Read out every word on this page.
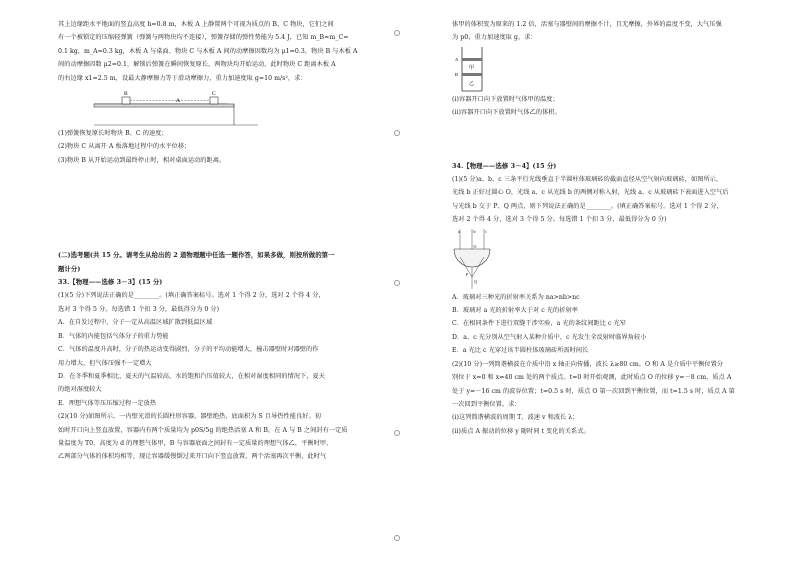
其上边缘距水平地面的竖直高度 h=0.8 m，木板 A 上静置两个可视为质点的 B、C 物块，它们之间

有一个被锁定的压缩轻弹簧（弹簧与两物块均不连接），弹簧存储的弹性势能为 5.4 J，已知 m_B=m_C=

0.1 kg，m_A=0.3 kg，木板 A 与桌面、物块 C 与木板 A 间的动摩擦因数均为 μ1=0.3，物块 B 与木板 A

间的动摩擦因数 μ2=0.1，解锁后弹簧在瞬间恢复原长，两物块均开始运动，此时物块 C 距离木板 A

的右边缘 x1=2.5 m，设最大静摩擦力等于滑动摩擦力，重力加速度取 g=10 m/s²，求：

B
A
C

(1)弹簧恢复原长时物块 B、C 的速度；

(2)物块 C 从离开 A 板落地过程中的水平位移；

(3)物块 B 从开始运动到最终停止时，相对桌面运动的距离。

(二)选考题(共 15 分。请考生从给出的 2 道物理题中任选一题作答，如果多做，则按所做的第一

题计分)

33.【物理——选修 3－3】(15 分)

(1)(5 分)下列说法正确的是________。(填正确答案标号。选对 1 个得 2 分，选对 2 个得 4 分，

选对 3 个得 5 分。每选错 1 个扣 3 分，最低得分为 0 分)

A．在自发过程中，分子一定从高温区域扩散到低温区域

B．气体的内能包括气体分子的重力势能

C．气体的温度升高时，分子的热运动变得剧烈，分子的平均动能增大，撞击器壁时对器壁的作

用力增大，但气体压强不一定增大

D．在冬季和夏季相比，夏天的气温较高，水的饱和汽压值较大，在相对湿度相同的情况下，夏天

的绝对湿度较大

E．理想气体等压压缩过程一定放热

(2)(10 分)如图所示，一内壁光滑的长圆柱形容器，器壁绝热、底面积为 S 且导热性能良好。初

始时开口向上竖直放置，容器内有两个质量均为 p0S/5g 的绝热活塞 A 和 B，在 A 与 B 之间封有一定质

量温度为 T0、高度为 d 的理想气体甲，B 与容器底面之间封有一定质量的理想气体乙，平衡时甲、

乙两部分气体的体积均相等，现让容器缓慢倒过来开口向下竖直放置，两个活塞再次平衡，此时气

体甲的体积变为原来的 1.2 倍，活塞与器壁间的摩擦不计，且无摩擦，外界的温度不变，大气压强

为 p0，重力加速度取 g，求：

A
甲
B
乙

(i)容器开口向下放置时气体甲的温度；

(ii)容器开口向下放置时气体乙的体积。

34.【物理——选修 3－4】(15 分)

(1)(5 分)a、b、c 三条平行光线垂直于半圆柱体玻璃砖的截面直径从空气射向玻璃砖，如图所示，

光线 b 正好过圆心 O，光线 a、c 从光线 b 的两侧对称入射，光线 a、c 从玻璃砖下表面进入空气后

与光线 b 交于 P、Q 两点，则下列说法正确的是________。(填正确答案标号。选对 1 个得 2 分，

选对 2 个得 4 分，选对 3 个得 5 分。每选错 1 个扣 3 分，最低得分为 0 分)

a	b c
O
P
Q

A．玻璃对三种光的折射率关系为 na>nb>nc

B．玻璃对 a 光的折射率大于对 c 光的折射率

C．在相同条件下进行双缝干涉实验，a 光的条纹间距比 c 光窄

D．a、c 光分别从空气射入某种介质中，c 光发生全反射时临界角较小

E．a 光比 c 光穿过该半圆柱体玻璃砖所需时间长

(2)(10 分)一列简谐横波在介质中沿 x 轴正向传播，波长 λ≥80 cm。O 和 A 是介质中平衡位置分

别位于 x=0 和 x=40 cm 处的两个质点。t=0 时开始观测，此时质点 O 的位移 y=－8 cm，质点 A

处于 y=－16 cm 的波谷位置；t=0.5 s 时，质点 O 第一次回到平衡位置，而 t=1.5 s 时，质点 A 第

一次回到平衡位置。求：

(i)这列简谐横波的周期 T、波速 v 和波长 λ；

(ii)质点 A 振动的位移 y 随时间 t 变化的关系式。
